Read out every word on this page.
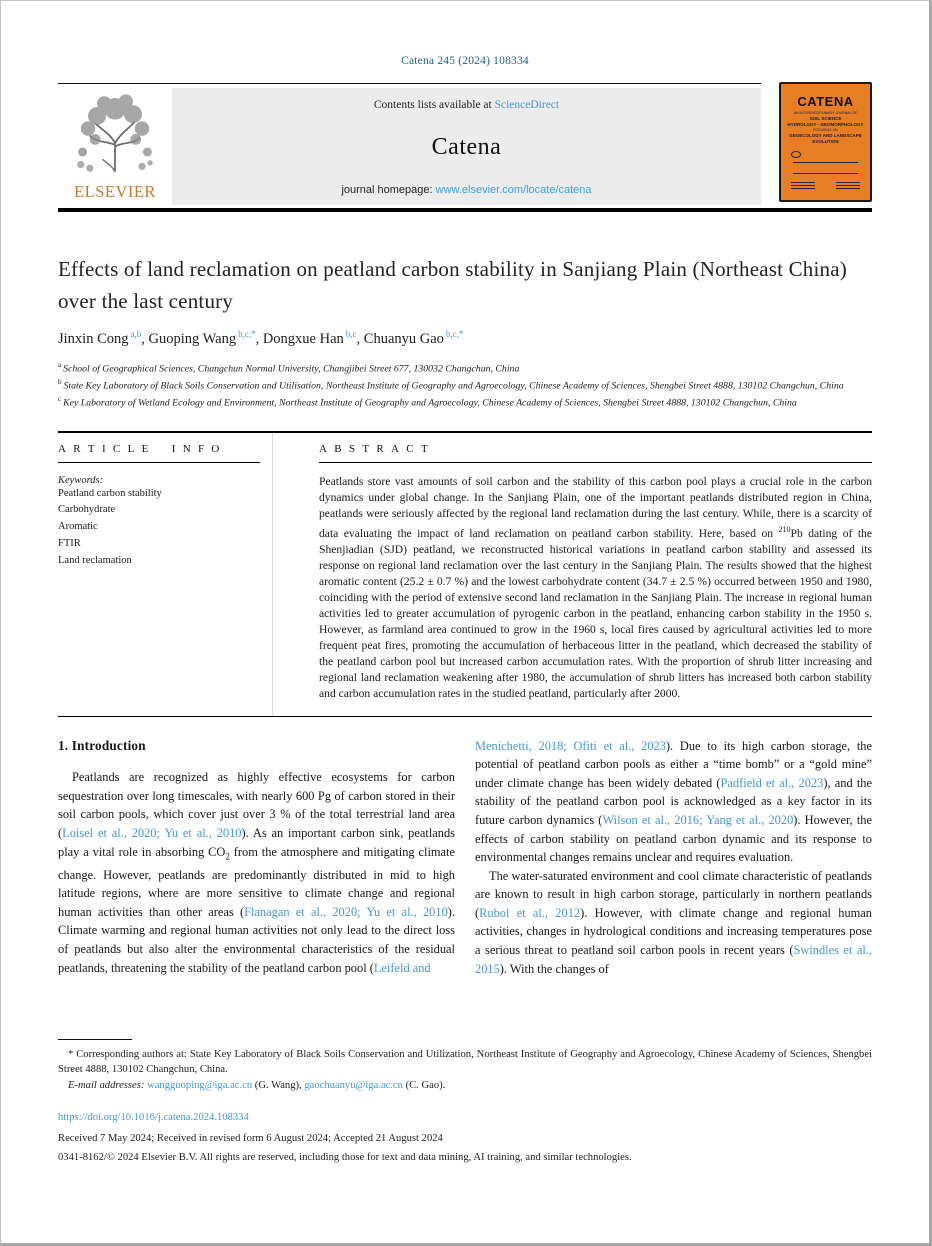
Catena 245 (2024) 108334
ELSEVIER
Contents lists available at ScienceDirect
Catena
journal homepage: www.elsevier.com/locate/catena
CATENA
AN INTERDISCIPLINARY JOURNAL OF
SOIL SCIENCE
HYDROLOGY - GEOMORPHOLOGY
FOCUSING ON
GEOECOLOGY AND LANDSCAPE EVOLUTION
Effects of land reclamation on peatland carbon stability in Sanjiang Plain (Northeast China) over the last century
Jinxin Cong $^{a,b}$, Guoping Wang $^{b,c,*}$, Dongxue Han $^{b,c}$, Chuanyu Gao $^{b,c,*}$
$^a$ School of Geographical Sciences, Changchun Normal University, Changjibei Street 677, 130032 Changchun, China
$^b$ State Key Laboratory of Black Soils Conservation and Utilisation, Northeast Institute of Geography and Agroecology, Chinese Academy of Sciences, Shengbei Street 4888, 130102 Changchun, China
$^c$ Key Laboratory of Wetland Ecology and Environment, Northeast Institute of Geography and Agroecology, Chinese Academy of Sciences, Shengbei Street 4888, 130102 Changchun, China
A R T I C L E   I N F O
Keywords:
Peatland carbon stability
Carbohydrate
Aromatic
FTIR
Land reclamation
A B S T R A C T

Peatlands store vast amounts of soil carbon and the stability of this carbon pool plays a crucial role in the carbon dynamics under global change. In the Sanjiang Plain, one of the important peatlands distributed region in China, peatlands were seriously affected by the regional land reclamation during the last century. While, there is a scarcity of data evaluating the impact of land reclamation on peatland carbon stability. Here, based on $^{210}$Pb dating of the Shenjiadian (SJD) peatland, we reconstructed historical variations in peatland carbon stability and assessed its response on regional land reclamation over the last century in the Sanjiang Plain. The results showed that the highest aromatic content (25.2 ± 0.7 %) and the lowest carbohydrate content (34.7 ± 2.5 %) occurred between 1950 and 1980, coinciding with the period of extensive second land reclamation in the Sanjiang Plain. The increase in regional human activities led to greater accumulation of pyrogenic carbon in the peatland, enhancing carbon stability in the 1950 s. However, as farmland area continued to grow in the 1960 s, local fires caused by agricultural activities led to more frequent peat fires, promoting the accumulation of herbaceous litter in the peatland, which decreased the stability of the peatland carbon pool but increased carbon accumulation rates. With the proportion of shrub litter increasing and regional land reclamation weakening after 1980, the accumulation of shrub litters has increased both carbon stability and carbon accumulation rates in the studied peatland, particularly after 2000.

1. Introduction

Peatlands are recognized as highly effective ecosystems for carbon sequestration over long timescales, with nearly 600 Pg of carbon stored in their soil carbon pools, which cover just over 3 % of the total terrestrial land area (Loisel et al., 2020; Yu et al., 2010). As an important carbon sink, peatlands play a vital role in absorbing $CO_2$ from the atmosphere and mitigating climate change. However, peatlands are predominantly distributed in mid to high latitude regions, where are more sensitive to climate change and regional human activities than other areas (Flanagan et al., 2020; Yu et al., 2010). Climate warming and regional human activities not only lead to the direct loss of peatlands but also alter the environmental characteristics of the residual peatlands, threatening the stability of the peatland carbon pool (Leifeld and

Menichetti, 2018; Ofiti et al., 2023). Due to its high carbon storage, the potential of peatland carbon pools as either a “time bomb” or a “gold mine” under climate change has been widely debated (Padfield et al., 2023), and the stability of the peatland carbon pool is acknowledged as a key factor in its future carbon dynamics (Wilson et al., 2016; Yang et al., 2020). However, the effects of carbon stability on peatland carbon dynamic and its response to environmental changes remains unclear and requires evaluation.

The water-saturated environment and cool climate characteristic of peatlands are known to result in high carbon storage, particularly in northern peatlands (Rubol et al., 2012). However, with climate change and regional human activities, changes in hydrological conditions and increasing temperatures pose a serious threat to peatland soil carbon pools in recent years (Swindles et al., 2015). With the changes of

* Corresponding authors at: State Key Laboratory of Black Soils Conservation and Utilization, Northeast Institute of Geography and Agroecology, Chinese Academy of Sciences, Shengbei Street 4888, 130102 Changchun, China.

E-mail addresses: wangguoping@iga.ac.cn (G. Wang), gaochuanyu@iga.ac.cn (C. Gao).

https://doi.org/10.1016/j.catena.2024.108334
Received 7 May 2024; Received in revised form 6 August 2024; Accepted 21 August 2024
0341-8162/© 2024 Elsevier B.V. All rights are reserved, including those for text and data mining, AI training, and similar technologies.
